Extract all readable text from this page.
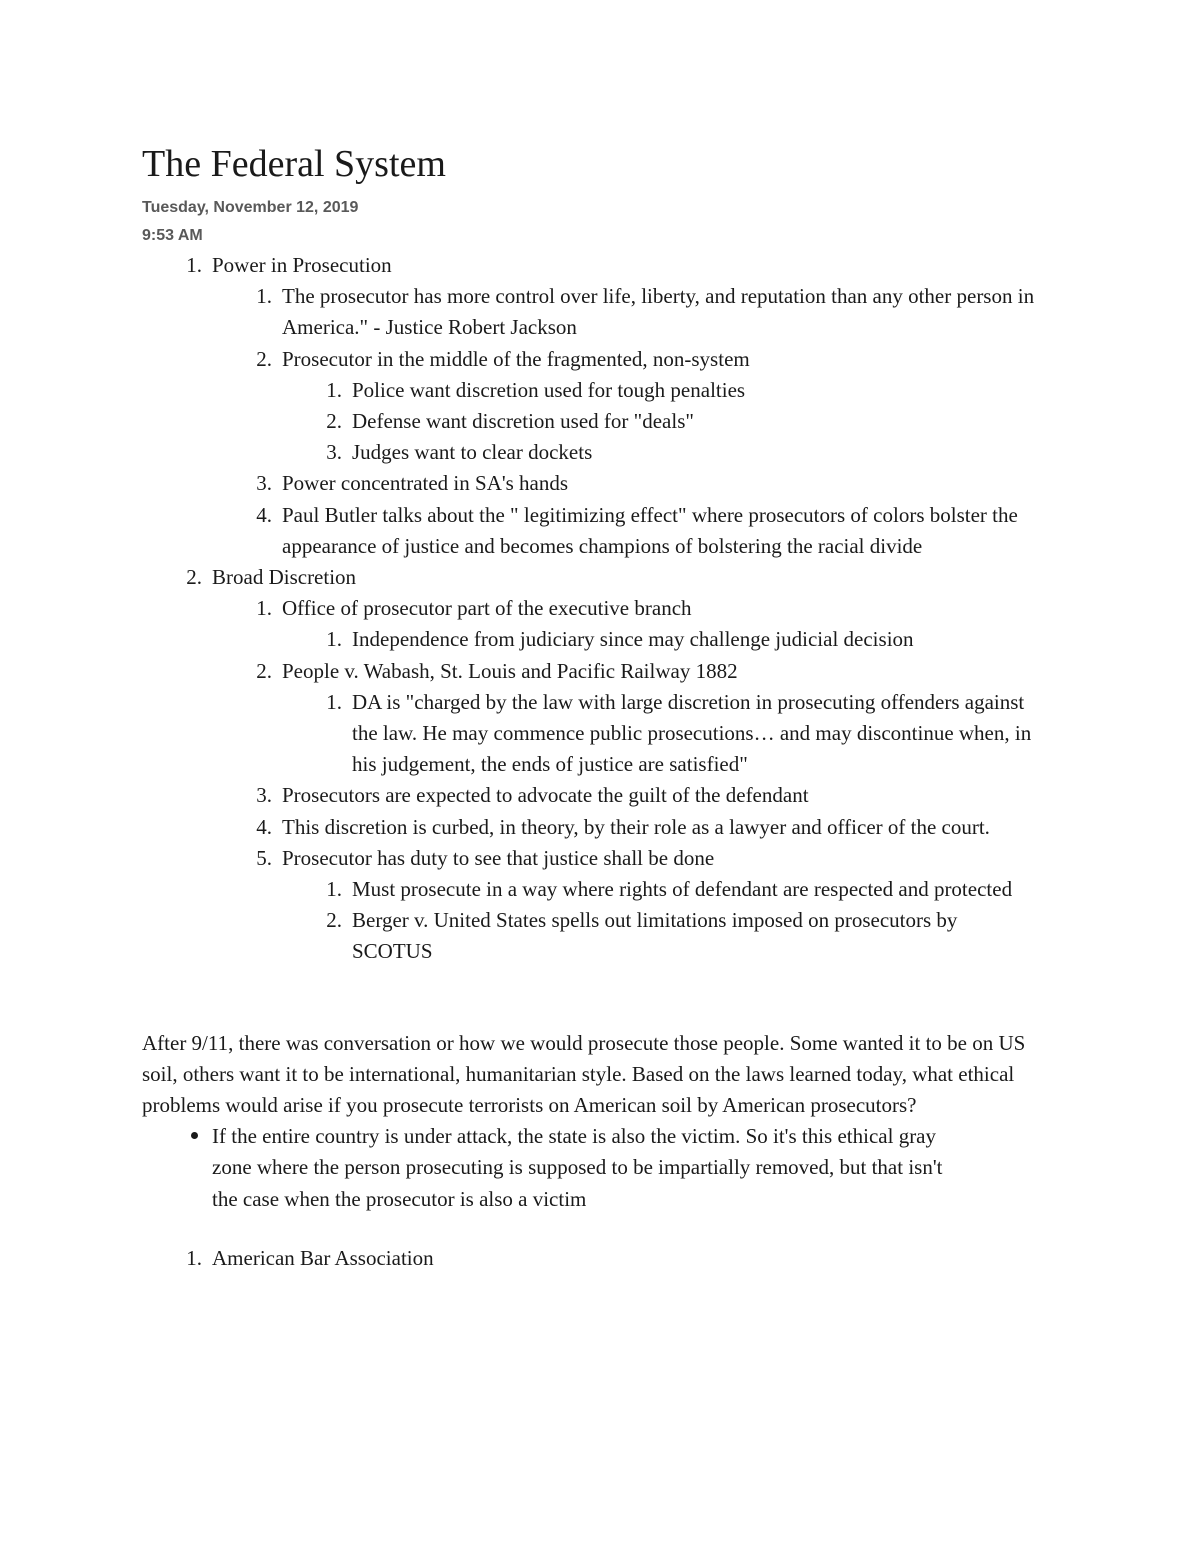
The Federal System
Tuesday, November 12, 2019
9:53 AM
1. Power in Prosecution
1. The prosecutor has more control over life, liberty, and reputation than any other person in America." - Justice Robert Jackson
2. Prosecutor in the middle of the fragmented, non-system
1. Police want discretion used for tough penalties
2. Defense want discretion used for "deals"
3. Judges want to clear dockets
3. Power concentrated in SA's hands
4. Paul Butler talks about the " legitimizing effect" where prosecutors of colors bolster the appearance of justice and becomes champions of bolstering the racial divide
2. Broad Discretion
1. Office of prosecutor part of the executive branch
1. Independence from judiciary since may challenge judicial decision
2. People v. Wabash, St. Louis and Pacific Railway 1882
1. DA is "charged by the law with large discretion in prosecuting offenders against the law. He may commence public prosecutions… and may discontinue when, in his judgement, the ends of justice are satisfied"
3. Prosecutors are expected to advocate the guilt of the defendant
4. This discretion is curbed, in theory, by their role as a lawyer and officer of the court.
5. Prosecutor has duty to see that justice shall be done
1. Must prosecute in a way where rights of defendant are respected and protected
2. Berger v. United States spells out limitations imposed on prosecutors by SCOTUS

After 9/11, there was conversation or how we would prosecute those people. Some wanted it to be on US soil, others want it to be international, humanitarian style. Based on the laws learned today, what ethical problems would arise if you prosecute terrorists on American soil by American prosecutors?

If the entire country is under attack, the state is also the victim. So it's this ethical gray zone where the person prosecuting is supposed to be impartially removed, but that isn't the case when the prosecutor is also a victim
1. American Bar Association
